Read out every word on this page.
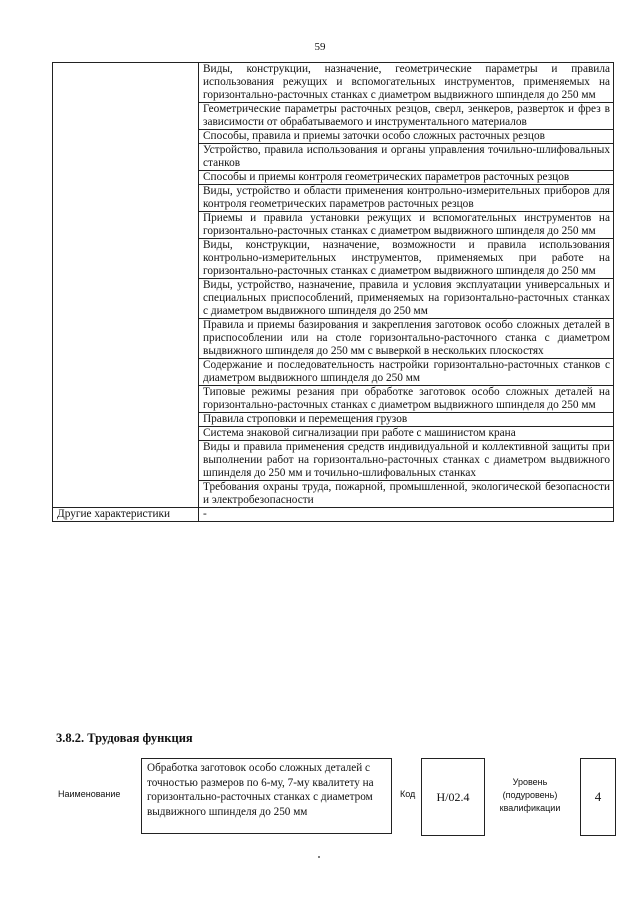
59
	Виды, конструкции, назначение, геометрические параметры и правила использования режущих и вспомогательных инструментов, применяемых на горизонтально-расточных станках с диаметром выдвижного шпинделя до 250 мм
	Геометрические параметры расточных резцов, сверл, зенкеров, разверток и фрез в зависимости от обрабатываемого и инструментального материалов
	Способы, правила и приемы заточки особо сложных расточных резцов
	Устройство, правила использования и органы управления точильно-шлифовальных станков
	Способы и приемы контроля геометрических параметров расточных резцов
	Виды, устройство и области применения контрольно-измерительных приборов для контроля геометрических параметров расточных резцов
	Приемы и правила установки режущих и вспомогательных инструментов на горизонтально-расточных станках с диаметром выдвижного шпинделя до 250 мм
	Виды, конструкции, назначение, возможности и правила использования контрольно-измерительных инструментов, применяемых при работе на горизонтально-расточных станках с диаметром выдвижного шпинделя до 250 мм
	Виды, устройство, назначение, правила и условия эксплуатации универсальных и специальных приспособлений, применяемых на горизонтально-расточных станках с диаметром выдвижного шпинделя до 250 мм
	Правила и приемы базирования и закрепления заготовок особо сложных деталей в приспособлении или на столе горизонтально-расточного станка с диаметром выдвижного шпинделя до 250 мм с выверкой в нескольких плоскостях
	Содержание и последовательность настройки горизонтально-расточных станков с диаметром выдвижного шпинделя до 250 мм
	Типовые режимы резания при обработке заготовок особо сложных деталей на горизонтально-расточных станках с диаметром выдвижного шпинделя до 250 мм
	Правила строповки и перемещения грузов
	Система знаковой сигнализации при работе с машинистом крана
	Виды и правила применения средств индивидуальной и коллективной защиты при выполнении работ на горизонтально-расточных станках с диаметром выдвижного шпинделя до 250 мм и точильно-шлифовальных станках
	Требования охраны труда, пожарной, промышленной, экологической безопасности и электробезопасности
Другие характеристики	-
3.8.2. Трудовая функция
Наименование
Обработка заготовок особо сложных деталей с точностью размеров по 6-му, 7-му квалитету на горизонтально-расточных станках с диаметром выдвижного шпинделя до 250 мм
Код	H/02.4
Уровень (подуровень) квалификации
4
